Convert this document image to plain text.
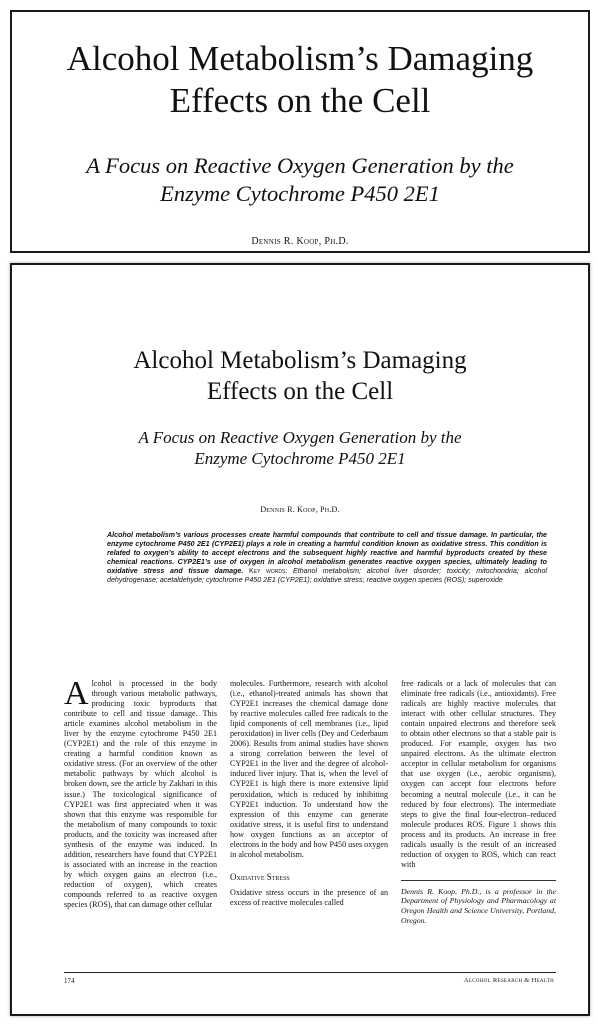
Alcohol Metabolism’s Damaging
Effects on the Cell
A Focus on Reactive Oxygen Generation by the
Enzyme Cytochrome P450 2E1
Dennis R. Koop, Ph.D.
Alcohol Metabolism’s Damaging
Effects on the Cell
A Focus on Reactive Oxygen Generation by the
Enzyme Cytochrome P450 2E1
Dennis R. Koop, Ph.D.
Alcohol metabolism’s various processes create harmful compounds that contribute to cell and tissue damage. In particular, the enzyme cytochrome P450 2E1 (CYP2E1) plays a role in creating a harmful condition known as oxidative stress. This condition is related to oxygen’s ability to accept electrons and the subsequent highly reactive and harmful byproducts created by these chemical reactions. CYP2E1’s use of oxygen in alcohol metabolism generates reactive oxygen species, ultimately leading to oxidative stress and tissue damage. Key words: Ethanol metabolism; alcohol liver disorder; toxicity; mitochondria; alcohol dehydrogenase; acetaldehyde; cytochrome P450 2E1 (CYP2E1); oxidative stress; reactive oxygen species (ROS); superoxide
Alcohol is processed in the body through various metabolic pathways, producing toxic byproducts that contribute to cell and tissue damage. This article examines alcohol metabolism in the liver by the enzyme cytochrome P450 2E1 (CYP2E1) and the role of this enzyme in creating a harmful condition known as oxidative stress. (For an overview of the other metabolic pathways by which alcohol is broken down, see the article by Zakhari in this issue.) The toxicological significance of CYP2E1 was first appreciated when it was shown that this enzyme was responsible for the metabolism of many compounds to toxic products, and the toxicity was increased after synthesis of the enzyme was induced. In addition, researchers have found that CYP2E1 is associated with an increase in the reaction by which oxygen gains an electron (i.e., reduction of oxygen), which creates compounds referred to as reactive oxygen species (ROS), that can damage other cellular
molecules. Furthermore, research with alcohol (i.e., ethanol)-treated animals has shown that CYP2E1 increases the chemical damage done by reactive molecules called free radicals to the lipid components of cell membranes (i.e., lipid peroxidation) in liver cells (Dey and Cederbaum 2006). Results from animal studies have shown a strong correlation between the level of CYP2E1 in the liver and the degree of alcohol-induced liver injury. That is, when the level of CYP2E1 is high there is more extensive lipid peroxidation, which is reduced by inhibiting CYP2E1 induction. To understand how the expression of this enzyme can generate oxidative stress, it is useful first to understand how oxygen functions as an acceptor of electrons in the body and how P450 uses oxygen in alcohol metabolism.
Oxidative Stress
Oxidative stress occurs in the presence of an excess of reactive molecules called
free radicals or a lack of molecules that can eliminate free radicals (i.e., antioxidants). Free radicals are highly reactive molecules that interact with other cellular structures. They contain unpaired electrons and therefore seek to obtain other electrons so that a stable pair is produced. For example, oxygen has two unpaired electrons. As the ultimate electron acceptor in cellular metabolism for organisms that use oxygen (i.e., aerobic organisms), oxygen can accept four electrons before becoming a neutral molecule (i.e., it can be reduced by four electrons). The intermediate steps to give the final four-electron–reduced molecule produces ROS. Figure 1 shows this process and its products. An increase in free radicals usually is the result of an increased reduction of oxygen to ROS, which can react with
Dennis R. Koop, Ph.D., is a professor in the Department of Physiology and Pharmacology at Oregon Health and Science University, Portland, Oregon.
174	Alcohol Research & Health
